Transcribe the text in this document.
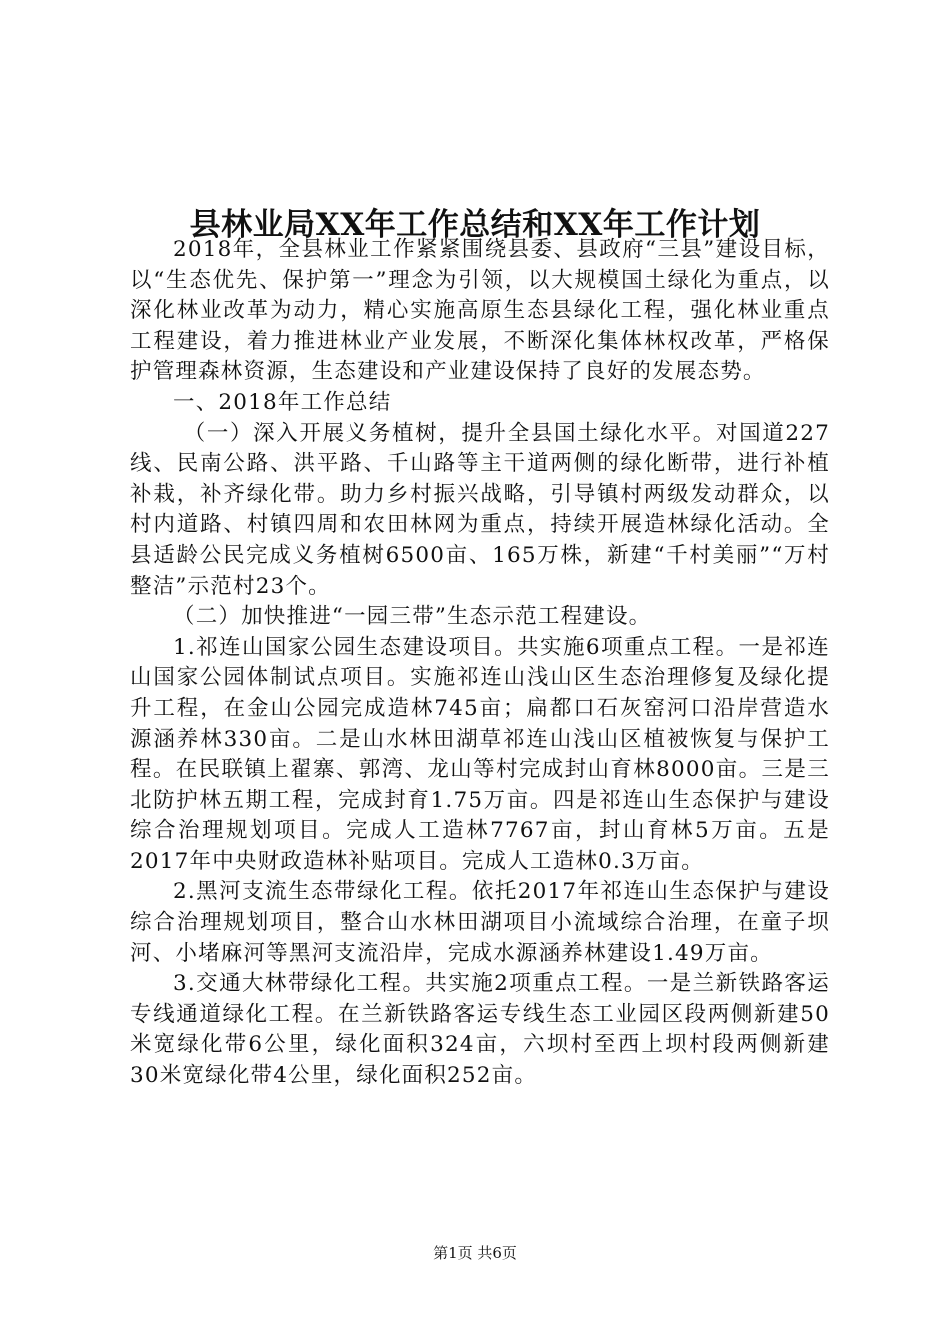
县林业局XX年工作总结和XX年工作计划

2018年，全县林业工作紧紧围绕县委、县政府“三县”建设目标，以“生态优先、保护第一”理念为引领，以大规模国土绿化为重点，以深化林业改革为动力，精心实施高原生态县绿化工程，强化林业重点工程建设，着力推进林业产业发展，不断深化集体林权改革，严格保护管理森林资源，生态建设和产业建设保持了良好的发展态势。

一、2018年工作总结

（一）深入开展义务植树，提升全县国土绿化水平。对国道227线、民南公路、洪平路、千山路等主干道两侧的绿化断带，进行补植补栽，补齐绿化带。助力乡村振兴战略，引导镇村两级发动群众，以村内道路、村镇四周和农田林网为重点，持续开展造林绿化活动。全县适龄公民完成义务植树6500亩、165万株，新建“千村美丽”“万村整洁”示范村23个。

（二）加快推进“一园三带”生态示范工程建设。

1.祁连山国家公园生态建设项目。共实施6项重点工程。一是祁连山国家公园体制试点项目。实施祁连山浅山区生态治理修复及绿化提升工程，在金山公园完成造林745亩；扁都口石灰窑河口沿岸营造水源涵养林330亩。二是山水林田湖草祁连山浅山区植被恢复与保护工程。在民联镇上翟寨、郭湾、龙山等村完成封山育林8000亩。三是三北防护林五期工程，完成封育1.75万亩。四是祁连山生态保护与建设综合治理规划项目。完成人工造林7767亩，封山育林5万亩。五是2017年中央财政造林补贴项目。完成人工造林0.3万亩。

2.黑河支流生态带绿化工程。依托2017年祁连山生态保护与建设综合治理规划项目，整合山水林田湖项目小流域综合治理，在童子坝河、小堵麻河等黑河支流沿岸，完成水源涵养林建设1.49万亩。

3.交通大林带绿化工程。共实施2项重点工程。一是兰新铁路客运专线通道绿化工程。在兰新铁路客运专线生态工业园区段两侧新建50米宽绿化带6公里，绿化面积324亩，六坝村至西上坝村段两侧新建30米宽绿化带4公里，绿化面积252亩。

第1页 共6页
